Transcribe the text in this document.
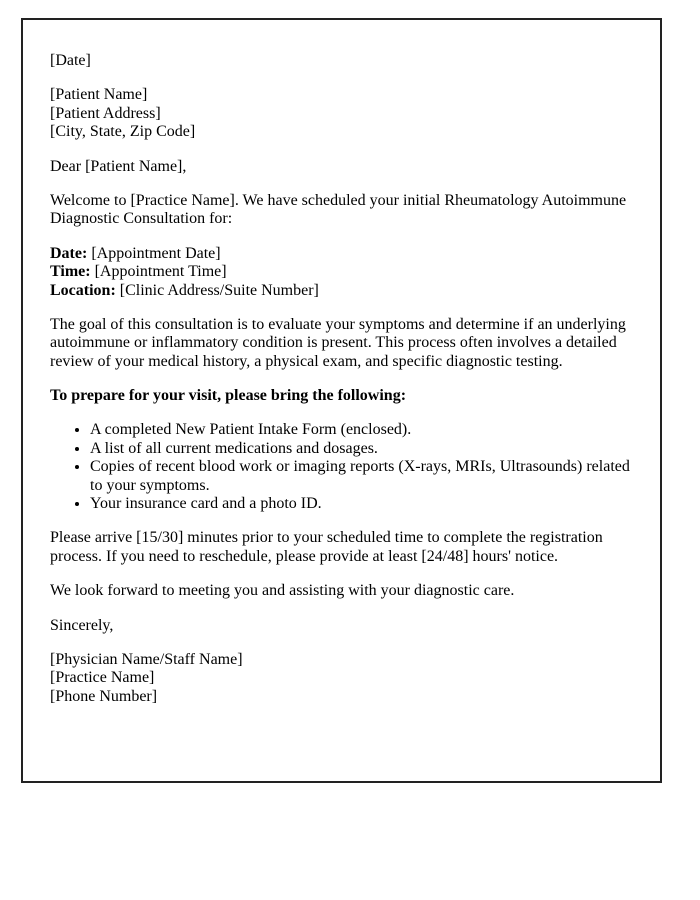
[Date]

[Patient Name]
[Patient Address]
[City, State, Zip Code]

Dear [Patient Name],

Welcome to [Practice Name]. We have scheduled your initial Rheumatology Autoimmune Diagnostic Consultation for:

Date: [Appointment Date]
Time: [Appointment Time]
Location: [Clinic Address/Suite Number]

The goal of this consultation is to evaluate your symptoms and determine if an underlying autoimmune or inflammatory condition is present. This process often involves a detailed review of your medical history, a physical exam, and specific diagnostic testing.

To prepare for your visit, please bring the following:

• A completed New Patient Intake Form (enclosed).
• A list of all current medications and dosages.
• Copies of recent blood work or imaging reports (X-rays, MRIs, Ultrasounds) related to your symptoms.
• Your insurance card and a photo ID.

Please arrive [15/30] minutes prior to your scheduled time to complete the registration process. If you need to reschedule, please provide at least [24/48] hours' notice.

We look forward to meeting you and assisting with your diagnostic care.

Sincerely,

[Physician Name/Staff Name]
[Practice Name]
[Phone Number]
